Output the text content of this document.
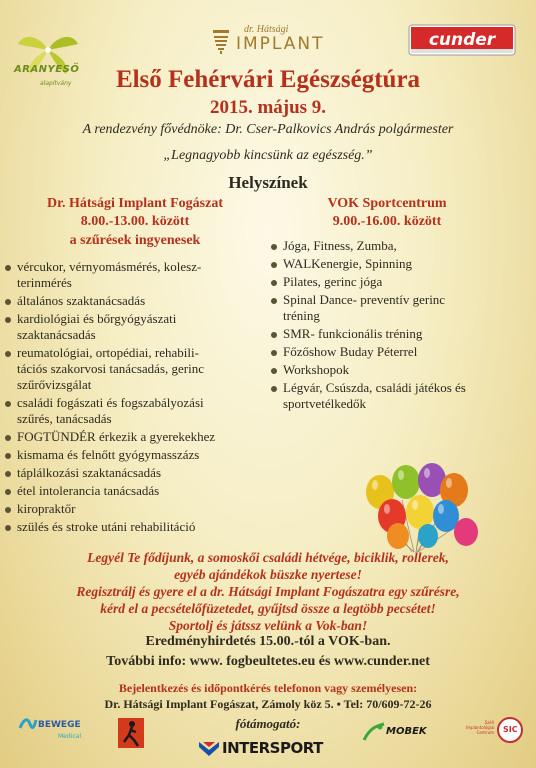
ARANYESŐ
alapítvány
dr. Hátsági
IMPLANT	cunder
Első Fehérvári Egészségtúra
2015. május 9.
A rendezvény fővédnöke: Dr. Cser-Palkovics András polgármester
„Legnagyobb kincsünk az egészség.”
Helyszínek
Dr. Hátsági Implant Fogászat
8.00.-13.00. között
a szűrések ingyenesek
VOK Sportcentrum
9.00.-16.00. között
vércukor, vérnyomásmérés, kolesz-
terinmérés
általános szaktanácsadás
kardiológiai és bőrgyógyászati
szaktanácsadás
reumatológiai, ortopédiai, rehabili-
tációs szakorvosi tanácsadás, gerinc
szűrővizsgálat
családi fogászati és fogszabályozási
szűrés, tanácsadás
FOGTÜNDÉR érkezik a gyerekekhez
kismama és felnőtt gyógymasszázs
táplálkozási szaktanácsadás
étel intolerancia tanácsadás
kiropraktőr
szülés és stroke utáni rehabilitáció
Jóga, Fitness, Zumba,
WALKenergie, Spinning
Pilates, gerinc jóga
Spinal Dance- preventív gerinc
tréning
SMR- funkcionális tréning
Főzőshow Buday Péterrel
Workshopok
Légvár, Csúszda, családi játékos és
sportvetélkedők
Legyél Te fődíjunk, a somoskői családi hétvége, biciklik, rollerek,
egyéb ajándékok büszke nyertese!
Regisztrálj és gyere el a dr. Hátsági Implant Fogászatra egy szűrésre,
kérd el a pecsételőfüzetedet, gyűjtsd össze a legtöbb pecsétet!
Sportolj és játssz velünk a Vok-ban!
Eredményhirdetés 15.00.-tól a VOK-ban.
További info: www. fogbeultetes.eu és www.cunder.net
Bejelentkezés és időpontkérés telefonon vagy személyesen:
Dr. Hátsági Implant Fogászat, Zámoly köz 5. • Tel: 70/609-72-26
fótámogató:
BEWEGE
Medical
INTERSPORT
MOBEK
Széll
Implantológiai
Centrum SIC
